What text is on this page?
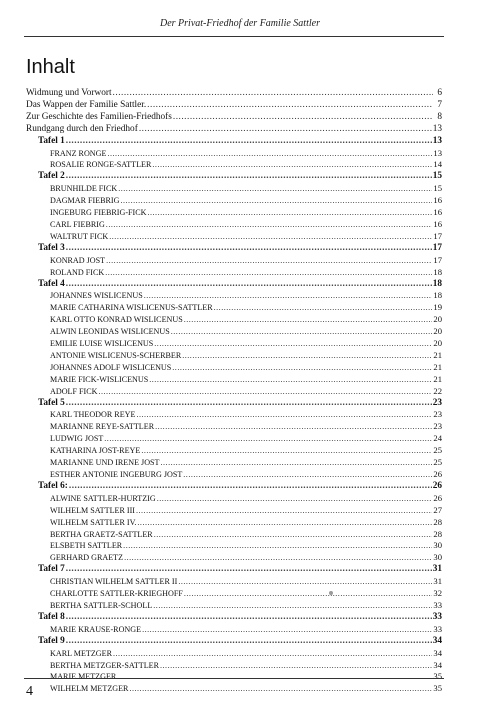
Der Privat-Friedhof der Familie Sattler
Inhalt
Widmung und Vorwort .....	6
Das Wappen der Familie Sattler. .....	7
Zur Geschichte des Familien-Friedhofs .....	8
Rundgang durch den Friedhof .....	13
Tafel 1 .....	13
FRANZ RONGE .....	13
ROSALIE RONGE-SATTLER .....	14
Tafel 2 .....	15
BRUNHILDE FICK .....	15
DAGMAR FIEBRIG .....	16
INGEBURG FIEBRIG-FICK .....	16
CARL FIEBRIG .....	16
WALTRUT FICK .....	17
Tafel 3 .....	17
KONRAD JOST .....	17
ROLAND FICK .....	18
Tafel 4 .....	18
JOHANNES WISLICENUS .....	18
MARIE CATHARINA WISLICENUS-SATTLER .....	19
KARL OTTO KONRAD WISLICENUS .....	20
ALWIN LEONIDAS WISLICENUS .....	20
EMILIE LUISE WISLICENUS .....	20
ANTONIE WISLICENUS-SCHERBER .....	21
JOHANNES ADOLF WISLICENUS .....	21
MARIE FICK-WISLICENUS .....	21
ADOLF FICK .....	22
Tafel 5 .....	23
KARL THEODOR REYE .....	23
MARIANNE REYE-SATTLER .....	23
LUDWIG JOST .....	24
KATHARINA JOST-REYE .....	25
MARIANNE UND IRENE JOST .....	25
ESTHER ANTONIE INGEBURG JOST .....	26
Tafel 6: .....	26
ALWINE SATTLER-HURTZIG .....	26
WILHELM SATTLER III .....	27
WILHELM SATTLER IV. .....	28
BERTHA GRAETZ-SATTLER .....	28
ELSBETH SATTLER .....	30
GERHARD GRAETZ .....	30
Tafel 7 .....	31
CHRISTIAN WILHELM SATTLER II .....	31
CHARLOTTE SATTLER-KRIEGHOFF .....	32
BERTHA SATTLER-SCHOLL .....	33
Tafel 8 .....	33
MARIE KRAUSE-RONGE .....	33
Tafel 9 .....	34
KARL METZGER .....	34
BERTHA METZGER-SATTLER .....	34
MARIE METZGER .....	35
WILHELM METZGER .....	35
4
